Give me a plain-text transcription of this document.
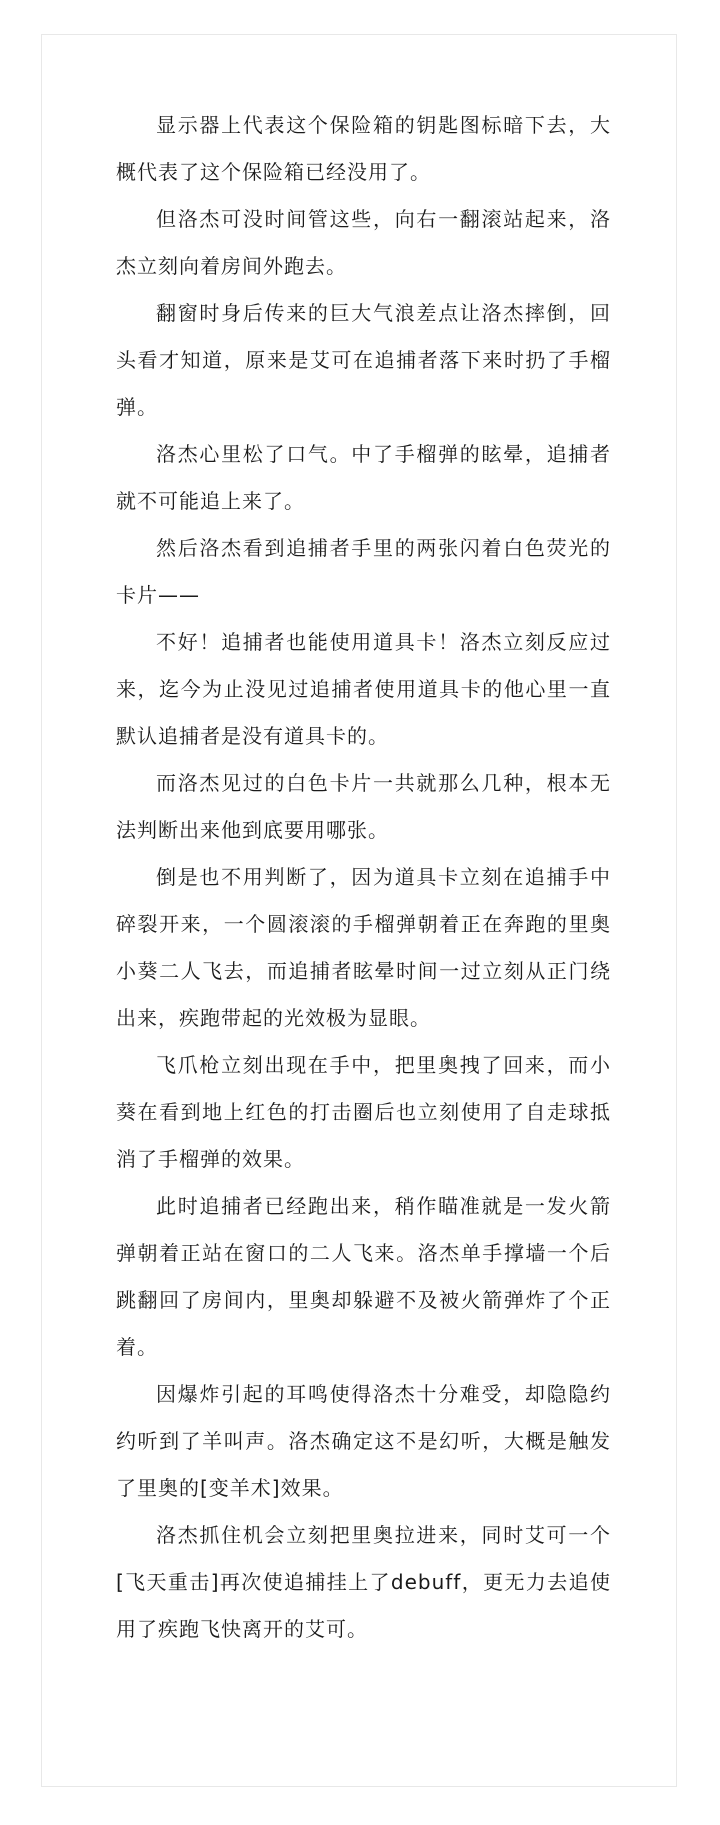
显示器上代表这个保险箱的钥匙图标暗下去，大概代表了这个保险箱已经没用了。

但洛杰可没时间管这些，向右一翻滚站起来，洛杰立刻向着房间外跑去。

翻窗时身后传来的巨大气浪差点让洛杰摔倒，回头看才知道，原来是艾可在追捕者落下来时扔了手榴弹。

洛杰心里松了口气。中了手榴弹的眩晕，追捕者就不可能追上来了。

然后洛杰看到追捕者手里的两张闪着白色荧光的卡片——

不好！追捕者也能使用道具卡！洛杰立刻反应过来，迄今为止没见过追捕者使用道具卡的他心里一直默认追捕者是没有道具卡的。

而洛杰见过的白色卡片一共就那么几种，根本无法判断出来他到底要用哪张。

倒是也不用判断了，因为道具卡立刻在追捕手中碎裂开来，一个圆滚滚的手榴弹朝着正在奔跑的里奥小葵二人飞去，而追捕者眩晕时间一过立刻从正门绕出来，疾跑带起的光效极为显眼。

飞爪枪立刻出现在手中，把里奥拽了回来，而小葵在看到地上红色的打击圈后也立刻使用了自走球抵消了手榴弹的效果。

此时追捕者已经跑出来，稍作瞄准就是一发火箭弹朝着正站在窗口的二人飞来。洛杰单手撑墙一个后跳翻回了房间内，里奥却躲避不及被火箭弹炸了个正着。

因爆炸引起的耳鸣使得洛杰十分难受，却隐隐约约听到了羊叫声。洛杰确定这不是幻听，大概是触发了里奥的[变羊术]效果。

洛杰抓住机会立刻把里奥拉进来，同时艾可一个[飞天重击]再次使追捕挂上了debuff，更无力去追使用了疾跑飞快离开的艾可。
